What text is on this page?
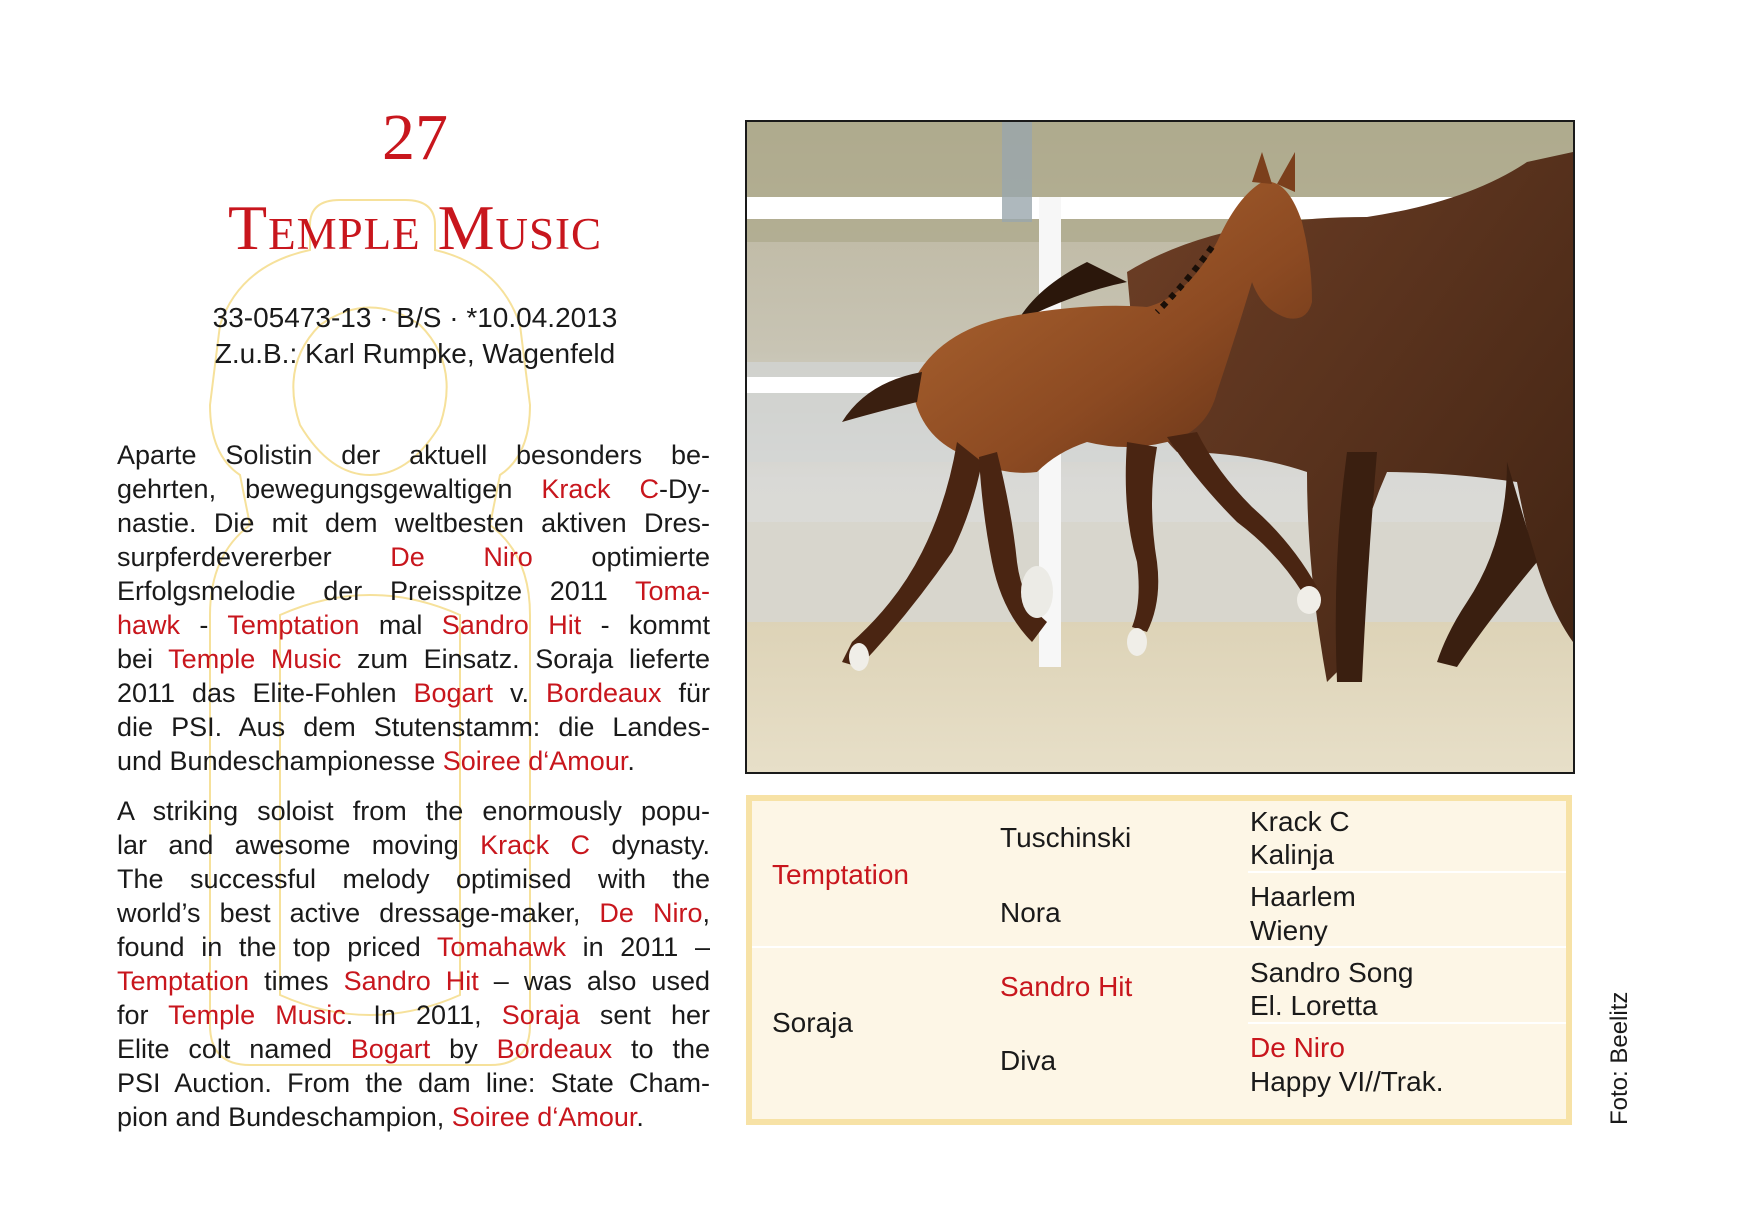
27
Temple Music
33-05473-13 · B/S · *10.04.2013
Z.u.B.: Karl Rumpke, Wagenfeld
Aparte Solistin der aktuell besonders be-
gehrten, bewegungsgewaltigen Krack C-Dy-
nastie. Die mit dem weltbesten aktiven Dres-
surpferdevererber De Niro optimierte
Erfolgsmelodie der Preisspitze 2011 Toma-
hawk - Temptation mal Sandro Hit - kommt
bei Temple Music zum Einsatz. Soraja lieferte
2011 das Elite-Fohlen Bogart v. Bordeaux für
die PSI. Aus dem Stutenstamm: die Landes-
und Bundeschampionesse Soiree d‘Amour.
A striking soloist from the enormously popu-
lar and awesome moving Krack C dynasty.
The successful melody optimised with the
world’s best active dressage-maker, De Niro,
found in the top priced Tomahawk in 2011 –
Temptation times Sandro Hit – was also used
for Temple Music. In 2011, Soraja sent her
Elite colt named Bogart by Bordeaux to the
PSI Auction. From the dam line: State Cham-
pion and Bundeschampion, Soiree d‘Amour.
Temptation
Soraja
Tuschinski
Nora
Sandro Hit
Diva
Krack C
Kalinja
Haarlem
Wieny
Sandro Song
El. Loretta
De Niro
Happy VI//Trak.	Foto: Beelitz
